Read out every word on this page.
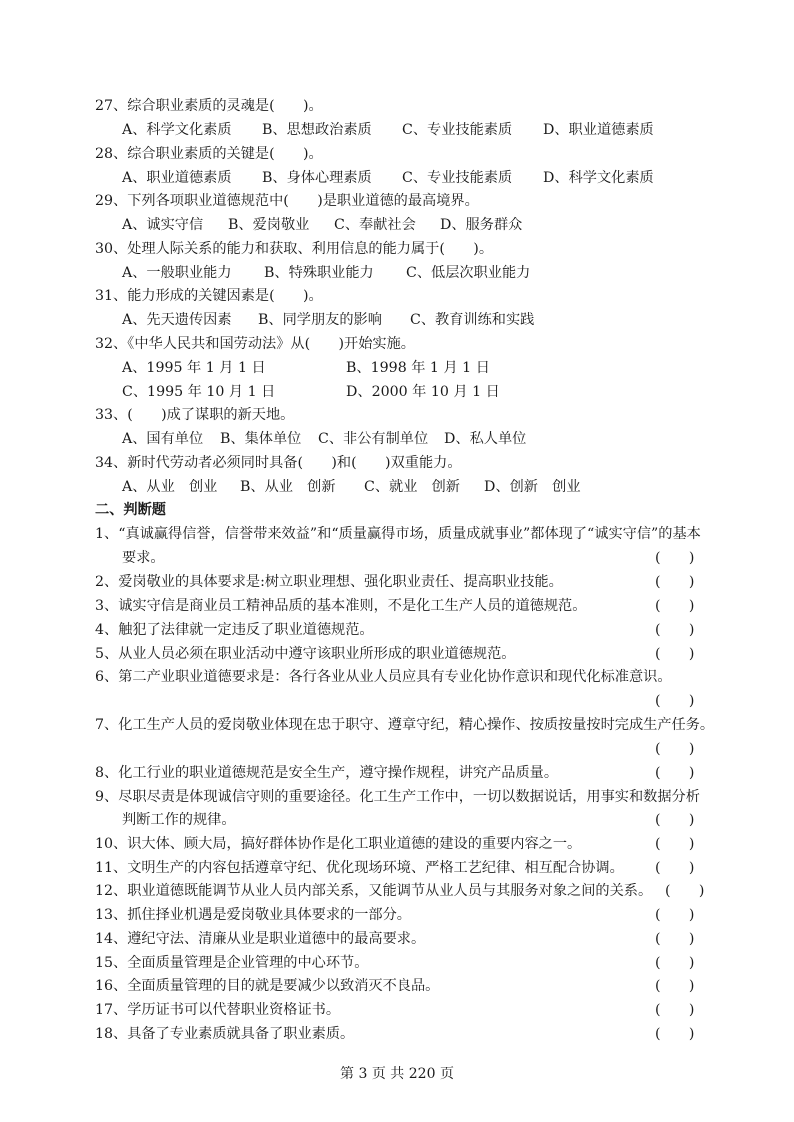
27、综合职业素质的灵魂是(　　)。
A、科学文化素质 B、思想政治素质 C、专业技能素质 D、职业道德素质
28、综合职业素质的关键是(　　)。
A、职业道德素质 B、身体心理素质 C、专业技能素质 D、科学文化素质
29、下列各项职业道德规范中(　　)是职业道德的最高境界。
A、诚实守信 B、爱岗敬业 C、奉献社会 D、服务群众
30、处理人际关系的能力和获取、利用信息的能力属于(　　)。
A、一般职业能力 B、特殊职业能力 C、低层次职业能力
31、能力形成的关键因素是(　　)。
A、先天遗传因素 B、同学朋友的影响 C、教育训练和实践
32、《中华人民共和国劳动法》从(　　)开始实施。
A、1995 年 1 月 1 日	B、1998 年 1 月 1 日
C、1995 年 10 月 1 日	D、2000 年 10 月 1 日
33、(　　)成了谋职的新天地。
A、国有单位 B、集体单位 C、非公有制单位 D、私人单位
34、新时代劳动者必须同时具备(　　)和(　　)双重能力。
A、从业　创业 B、从业　创新 C、就业　创新 D、创新　创业
二、判断题
1、“真诚赢得信誉，信誉带来效益”和“质量赢得市场，质量成就事业”都体现了“诚实守信”的基本
要求。	(　　)
2、爱岗敬业的具体要求是:树立职业理想、强化职业责任、提高职业技能。	(　　)
3、诚实守信是商业员工精神品质的基本准则，不是化工生产人员的道德规范。	(　　)
4、触犯了法律就一定违反了职业道德规范。	(　　)
5、从业人员必须在职业活动中遵守该职业所形成的职业道德规范。	(　　)
6、第二产业职业道德要求是：各行各业从业人员应具有专业化协作意识和现代化标准意识。
(　　)
7、化工生产人员的爱岗敬业体现在忠于职守、遵章守纪，精心操作、按质按量按时完成生产任务。
(　　)
8、化工行业的职业道德规范是安全生产，遵守操作规程，讲究产品质量。	(　　)
9、尽职尽责是体现诚信守则的重要途径。化工生产工作中，一切以数据说话，用事实和数据分析
判断工作的规律。	(　　)
10、识大体、顾大局，搞好群体协作是化工职业道德的建设的重要内容之一。	(　　)
11、文明生产的内容包括遵章守纪、优化现场环境、严格工艺纪律、相互配合协调。 (　　)
12、职业道德既能调节从业人员内部关系，又能调节从业人员与其服务对象之间的关系。 (　　)
13、抓住择业机遇是爱岗敬业具体要求的一部分。	(　　)
14、遵纪守法、清廉从业是职业道德中的最高要求。	(　　)
15、全面质量管理是企业管理的中心环节。	(　　)
16、全面质量管理的目的就是要减少以致消灭不良品。	(　　)
17、学历证书可以代替职业资格证书。	(　　)
18、具备了专业素质就具备了职业素质。	(　　)
第 3 页 共 220 页
